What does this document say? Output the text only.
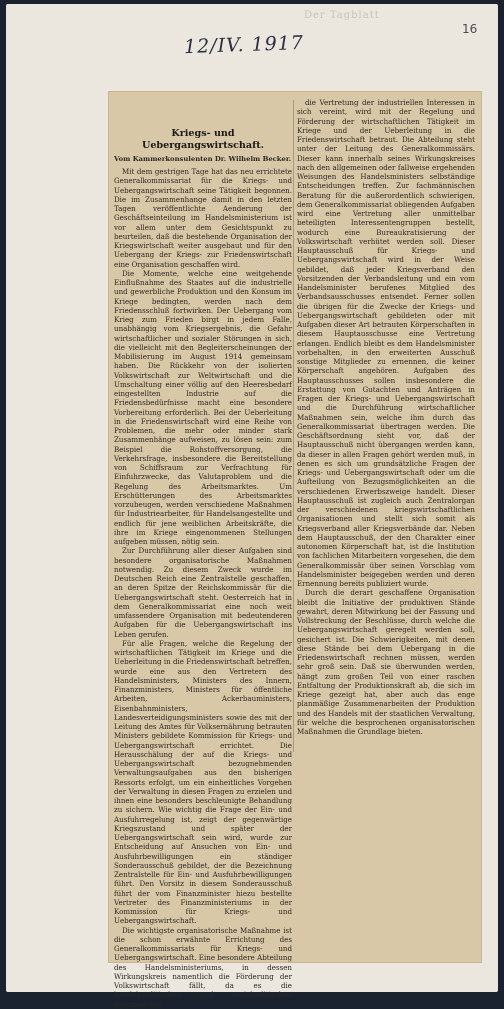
Der Tagblatt
16
12/IV. 1917
Kriegs- und Uebergangswirtschaft.
Vom Kammerkonsulenten Dr. Wilhelm Becker.

Mit dem gestrigen Tage hat das neu errichtete Generalkommissariat für die Kriegs- und Uebergangswirtschaft seine Tätigkeit begonnen. Die im Zusammenhange damit in den letzten Tagen veröffentlichte Aenderung der Geschäftseinteilung im Handelsministerium ist vor allem unter dem Gesichtspunkt zu beurteilen, daß die bestehende Organisation der Kriegswirtschaft weiter ausgebaut und für den Uebergang der Kriegs- zur Friedenswirtschaft eine Organisation geschaffen wird.

Die Momente, welche eine weitgehende Einflußnahme des Staates auf die industrielle und gewerbliche Produktion und den Konsum im Kriege bedingten, werden nach dem Friedensschluß fortwirken. Der Uebergang vom Krieg zum Frieden birgt in jedem Falle, unabhängig vom Kriegsergebnis, die Gefahr wirtschaftlicher und sozialer Störungen in sich, die vielleicht mit den Begleiterscheinungen der Mobilisierung im August 1914 gemeinsam haben. Die Rückkehr von der isolierten Volkswirtschaft zur Weltwirtschaft und die Umschaltung einer völlig auf den Heeresbedarf eingestellten Industrie auf die Friedensbedürfnisse macht eine besondere Vorbereitung erforderlich. Bei der Ueberleitung in die Friedenswirtschaft wird eine Reihe von Problemen, die mehr oder minder stark Zusammenhänge aufweisen, zu lösen sein: zum Beispiel die Rohstoffversorgung, die Verkehrsfrage, insbesondere die Bereitstellung von Schiffsraum zur Verfrachtung für Einfuhrzwecke, das Valutaproblem und die Regelung des Arbeitsmarktes. Um Erschütterungen des Arbeitsmarktes vorzubeugen, werden verschiedene Maßnahmen für Industriearbeiter, für Handelsangestellte und endlich für jene weiblichen Arbeitskräfte, die ihre im Kriege eingenommenen Stellungen aufgeben müssen, nötig sein.

Zur Durchführung aller dieser Aufgaben sind besondere organisatorische Maßnahmen notwendig. Zu diesem Zweck wurde im Deutschen Reich eine Zentralstelle geschaffen, an deren Spitze der Reichskommissär für die Uebergangswirtschaft steht. Oesterreich hat in dem Generalkommissariat eine noch weit umfassendere Organisation mit bedeutenderen Aufgaben für die Uebergangswirtschaft ins Leben gerufen.

Für alle Fragen, welche die Regelung der wirtschaftlichen Tätigkeit im Kriege und die Ueberleitung in die Friedenswirtschaft betreffen, wurde eine aus den Vertretern des Handelsministers, Ministers des Innern, Finanzministers, Ministers für öffentliche Arbeiten, Ackerbauministers, Eisenbahnministers, Landesverteidigungsministers sowie des mit der Leitung des Amtes für Volksernährung betrauten Ministers gebildete Kommission für Kriegs- und Uebergangswirtschaft errichtet. Die Herausschälung der auf die Kriegs- und Uebergangswirtschaft bezugnehmenden Verwaltungsaufgaben aus den bisherigen Ressorts erfolgt, um ein einheitliches Vorgehen der Verwaltung in diesen Fragen zu erzielen und ihnen eine besonders beschleunigte Behandlung zu sichern. Wie wichtig die Frage der Ein- und Ausfuhrregelung ist, zeigt der gegenwärtige Kriegszustand und später der Uebergangswirtschaft sein wird, wurde zur Entscheidung auf Ansuchen von Ein- und Ausfuhrbewilligungen ein ständiger Sonderausschuß gebildet, der die Bezeichnung Zentralstelle für Ein- und Ausfuhrbewilligungen führt. Den Vorsitz in diesem Sonderausschuß führt der vom Finanzminister hiezu bestellte Vertreter des Finanzministeriums in der Kommission für Kriegs- und Uebergangswirtschaft.

Die wichtigste organisatorische Maßnahme ist die schon erwähnte Errichtung des Generalkommissariats für Kriegs- und Uebergangswirtschaft. Eine besondere Abteilung des Handelsministeriums, in dessen Wirkungskreis namentlich die Förderung der Volkswirtschaft fällt, da es die handelspolitischen und sozialpolitischen Agenden und

die Vertretung der industriellen Interessen in sich vereint, wird mit der Regelung und Förderung der wirtschaftlichen Tätigkeit im Kriege und der Ueberleitung in die Friedenswirtschaft betraut. Die Abteilung steht unter der Leitung des Generalkommissärs. Dieser kann innerhalb seines Wirkungskreises nach den allgemeinen oder fallweise ergehenden Weisungen des Handelsministers selbständige Entscheidungen treffen. Zur fachmännischen Beratung für die außerordentlich schwierigen, dem Generalkommissariat obliegenden Aufgaben wird eine Vertretung aller unmittelbar beteiligten Interessentengruppen bestellt, wodurch eine Bureaukratisierung der Volkswirtschaft verhütet werden soll. Dieser Hauptausschuß für Kriegs- und Uebergangswirtschaft wird in der Weise gebildet, daß jeder Kriegsverband den Vorsitzenden der Verbandsleitung und ein vom Handelsminister berufenes Mitglied des Verbandsausschusses entsendet. Ferner sollen die übrigen für die Zwecke der Kriegs- und Uebergangswirtschaft gebildeten oder mit Aufgaben dieser Art betrauten Körperschaften in diesem Hauptausschusse eine Vertretung erlangen. Endlich bleibt es dem Handelsminister vorbehalten, in den erweiterten Ausschuß sonstige Mitglieder zu ernennen, die keiner Körperschaft angehören. Aufgaben des Hauptausschusses sollen insbesondere die Erstattung von Gutachten und Anträgen in Fragen der Kriegs- und Uebergangswirtschaft und die Durchführung wirtschaftlicher Maßnahmen sein, welche ihm durch das Generalkommissariat übertragen werden. Die Geschäftsordnung sieht vor, daß der Hauptausschuß nicht übergangen werden kann, da dieser in allen Fragen gehört werden muß, in denen es sich um grundsätzliche Fragen der Kriegs- und Uebergangswirtschaft oder um die Aufteilung von Bezugsmöglichkeiten an die verschiedenen Erwerbszweige handelt. Dieser Hauptausschuß ist zugleich auch Zentralorgan der verschiedenen kriegswirtschaftlichen Organisationen und stellt sich somit als Kriegsverband aller Kriegsverbände dar. Neben dem Hauptausschuß, der den Charakter einer autonomen Körperschaft hat, ist die Institution von fachlichen Mitarbeitern vorgesehen, die dem Generalkommissär über seinen Vorschlag vom Handelsminister beigegeben werden und deren Ernennung bereits publiziert wurde.

Durch die derart geschaffene Organisation bleibt die Initiative der produktiven Stände gewahrt, deren Mitwirkung bei der Fassung und Vollstreckung der Beschlüsse, durch welche die Uebergangswirtschaft geregelt werden soll, gesichert ist. Die Schwierigkeiten, mit denen diese Stände bei dem Uebergang in die Friedenswirtschaft rechnen müssen, werden sehr groß sein. Daß sie überwunden werden, hängt zum großen Teil von einer raschen Entfaltung der Produktionskraft ab, die sich im Kriege gezeigt hat, aber auch das enge planmäßige Zusammenarbeiten der Produktion und des Handels mit der staatlichen Verwaltung, für welche die besprochenen organisatorischen Maßnahmen die Grundlage bieten.
